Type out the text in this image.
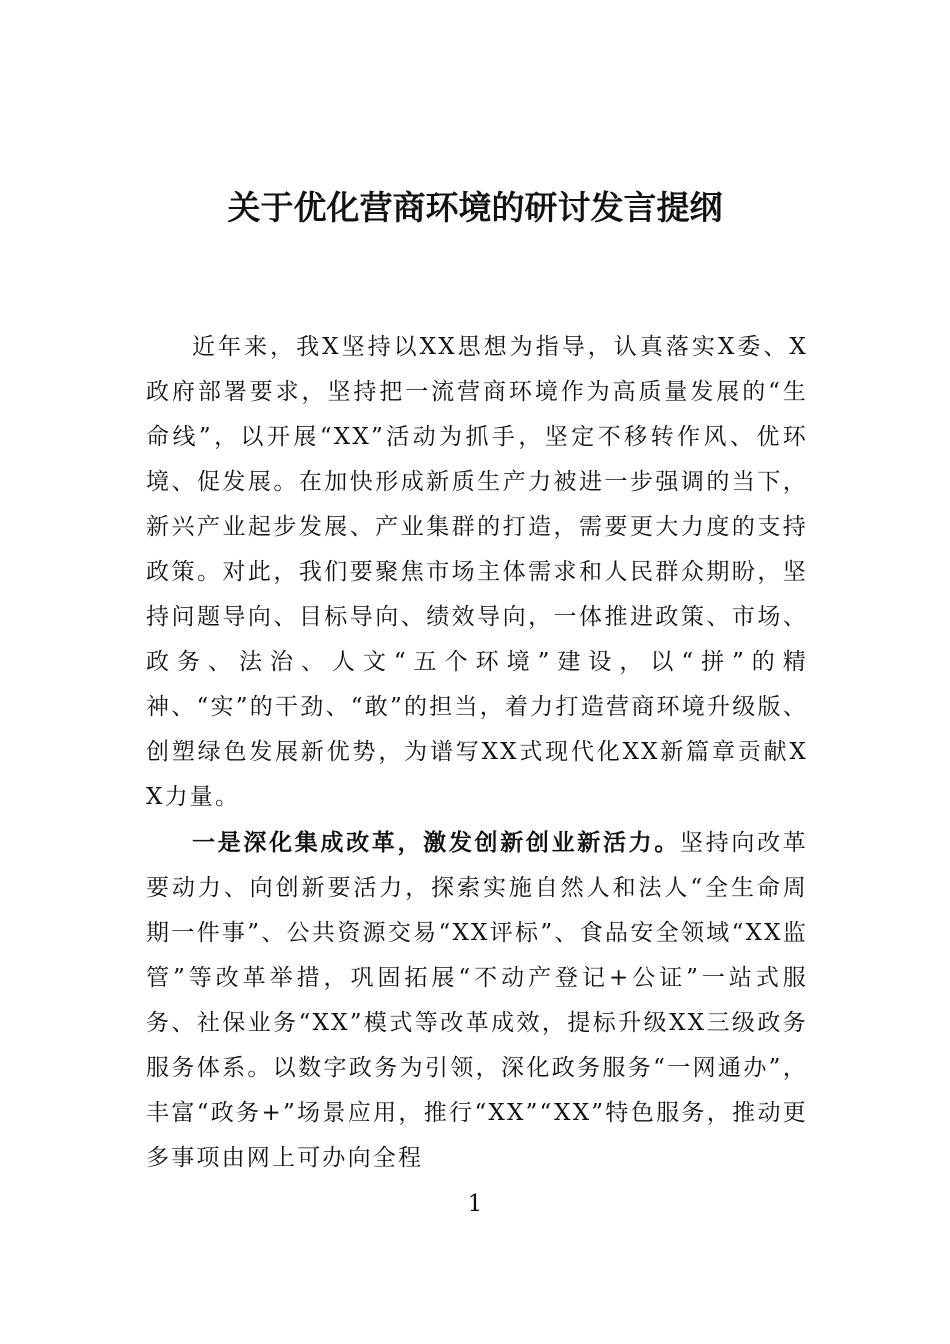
关于优化营商环境的研讨发言提纲

近年来，我X坚持以XX思想为指导，认真落实X委、X政府部署要求，坚持把一流营商环境作为高质量发展的“生命线”，以开展“XX”活动为抓手，坚定不移转作风、优环境、促发展。在加快形成新质生产力被进一步强调的当下，新兴产业起步发展、产业集群的打造，需要更大力度的支持政策。对此，我们要聚焦市场主体需求和人民群众期盼，坚持问题导向、目标导向、绩效导向，一体推进政策、市场、政务、法治、人文“五个环境”建设，以“拼”的精神、“实”的干劲、“敢”的担当，着力打造营商环境升级版、创塑绿色发展新优势，为谱写XX式现代化XX新篇章贡献XX力量。

一是深化集成改革，激发创新创业新活力。坚持向改革要动力、向创新要活力，探索实施自然人和法人“全生命周期一件事”、公共资源交易“XX评标”、食品安全领域“XX监管”等改革举措，巩固拓展“不动产登记+公证”一站式服务、社保业务“XX”模式等改革成效，提标升级XX三级政务服务体系。以数字政务为引领，深化政务服务“一网通办”，丰富“政务+”场景应用，推行“XX”“XX”特色服务，推动更多事项由网上可办向全程

1
